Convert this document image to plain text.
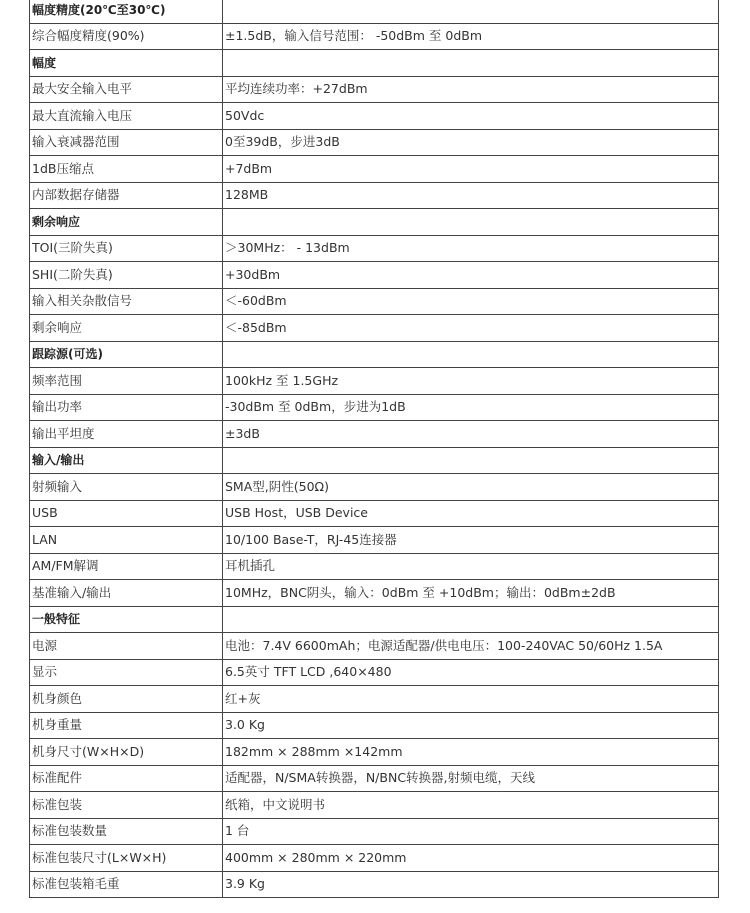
幅度精度(20℃至30℃)	
综合幅度精度(90%)	±1.5dB，输入信号范围： -50dBm 至 0dBm
幅度	
最大安全输入电平	平均连续功率：+27dBm
最大直流输入电压	50Vdc
输入衰减器范围	0至39dB，步进3dB
1dB压缩点	+7dBm
内部数据存储器	128MB
剩余响应	
TOI(三阶失真)	＞30MHz： - 13dBm
SHI(二阶失真)	+30dBm
输入相关杂散信号	＜-60dBm
剩余响应	＜-85dBm
跟踪源(可选)	
频率范围	100kHz 至 1.5GHz
输出功率	-30dBm 至 0dBm，步进为1dB
输出平坦度	±3dB
输入/输出	
射频输入	SMA型,阴性(50Ω)
USB	USB Host，USB Device
LAN	10/100 Base-T，RJ-45连接器
AM/FM解调	耳机插孔
基准输入/输出	10MHz，BNC阴头，输入：0dBm 至 +10dBm；输出：0dBm±2dB
一般特征	
电源	电池：7.4V 6600mAh；电源适配器/供电电压：100-240VAC 50/60Hz 1.5A
显示	6.5英寸 TFT LCD ,640×480
机身颜色	红+灰
机身重量	3.0 Kg
机身尺寸(W×H×D)	182mm × 288mm ×142mm
标准配件	适配器，N/SMA转换器，N/BNC转换器,射频电缆，天线
标准包装	纸箱，中文说明书
标准包装数量	1 台
标准包装尺寸(L×W×H)	400mm × 280mm × 220mm
标准包装箱毛重	3.9 Kg
